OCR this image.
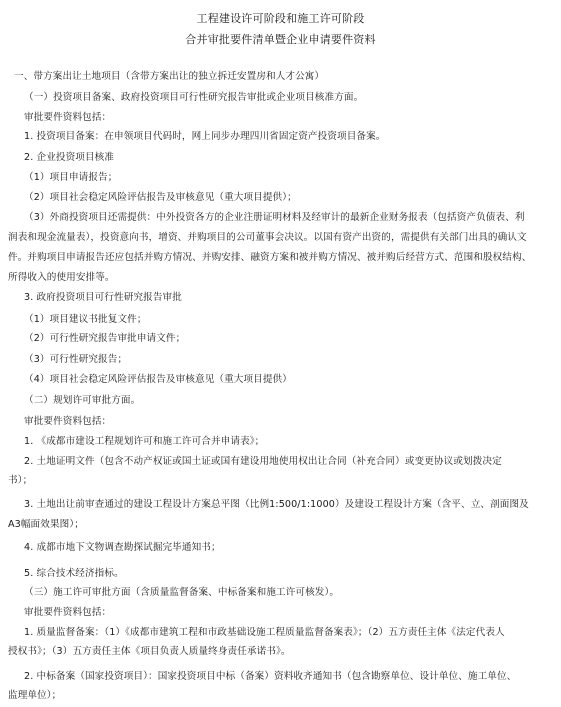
工程建设许可阶段和施工许可阶段
合并审批要件清单暨企业申请要件资料
一、带方案出让土地项目（含带方案出让的独立拆迁安置房和人才公寓）
（一）投资项目备案、政府投资项目可行性研究报告审批或企业项目核准方面。
审批要件资料包括：
1. 投资项目备案：在申领项目代码时，网上同步办理四川省固定资产投资项目备案。
2. 企业投资项目核准
（1）项目申请报告；
（2）项目社会稳定风险评估报告及审核意见（重大项目提供）；
（3）外商投资项目还需提供：中外投资各方的企业注册证明材料及经审计的最新企业财务报表（包括资产负债表、利
润表和现金流量表），投资意向书，增资、并购项目的公司董事会决议。以国有资产出资的，需提供有关部门出具的确认文
件。并购项目申请报告还应包括并购方情况、并购安排、融资方案和被并购方情况、被并购后经营方式、范围和股权结构、
所得收入的使用安排等。
3. 政府投资项目可行性研究报告审批
（1）项目建议书批复文件；
（2）可行性研究报告审批申请文件；
（3）可行性研究报告；
（4）项目社会稳定风险评估报告及审核意见（重大项目提供）
（二）规划许可审批方面。
审批要件资料包括：
1. 《成都市建设工程规划许可和施工许可合并申请表》；
2. 土地证明文件（包含不动产权证或国土证或国有建设用地使用权出让合同（补充合同）或变更协议或划拨决定
书）；
3. 土地出让前审查通过的建设工程设计方案总平图（比例1:500/1:1000）及建设工程设计方案（含平、立、剖面图及
A3幅面效果图）；
4. 成都市地下文物调查勘探试掘完毕通知书；
5. 综合技术经济指标。
（三）施工许可审批方面（含质量监督备案、中标备案和施工许可核发）。
审批要件资料包括：
1. 质量监督备案：（1）《成都市建筑工程和市政基础设施工程质量监督备案表》；（2）五方责任主体《法定代表人
授权书》；（3）五方责任主体《项目负责人质量终身责任承诺书》。
2. 中标备案（国家投资项目）：国家投资项目中标（备案）资料收齐通知书（包含勘察单位、设计单位、施工单位、
监理单位）；
